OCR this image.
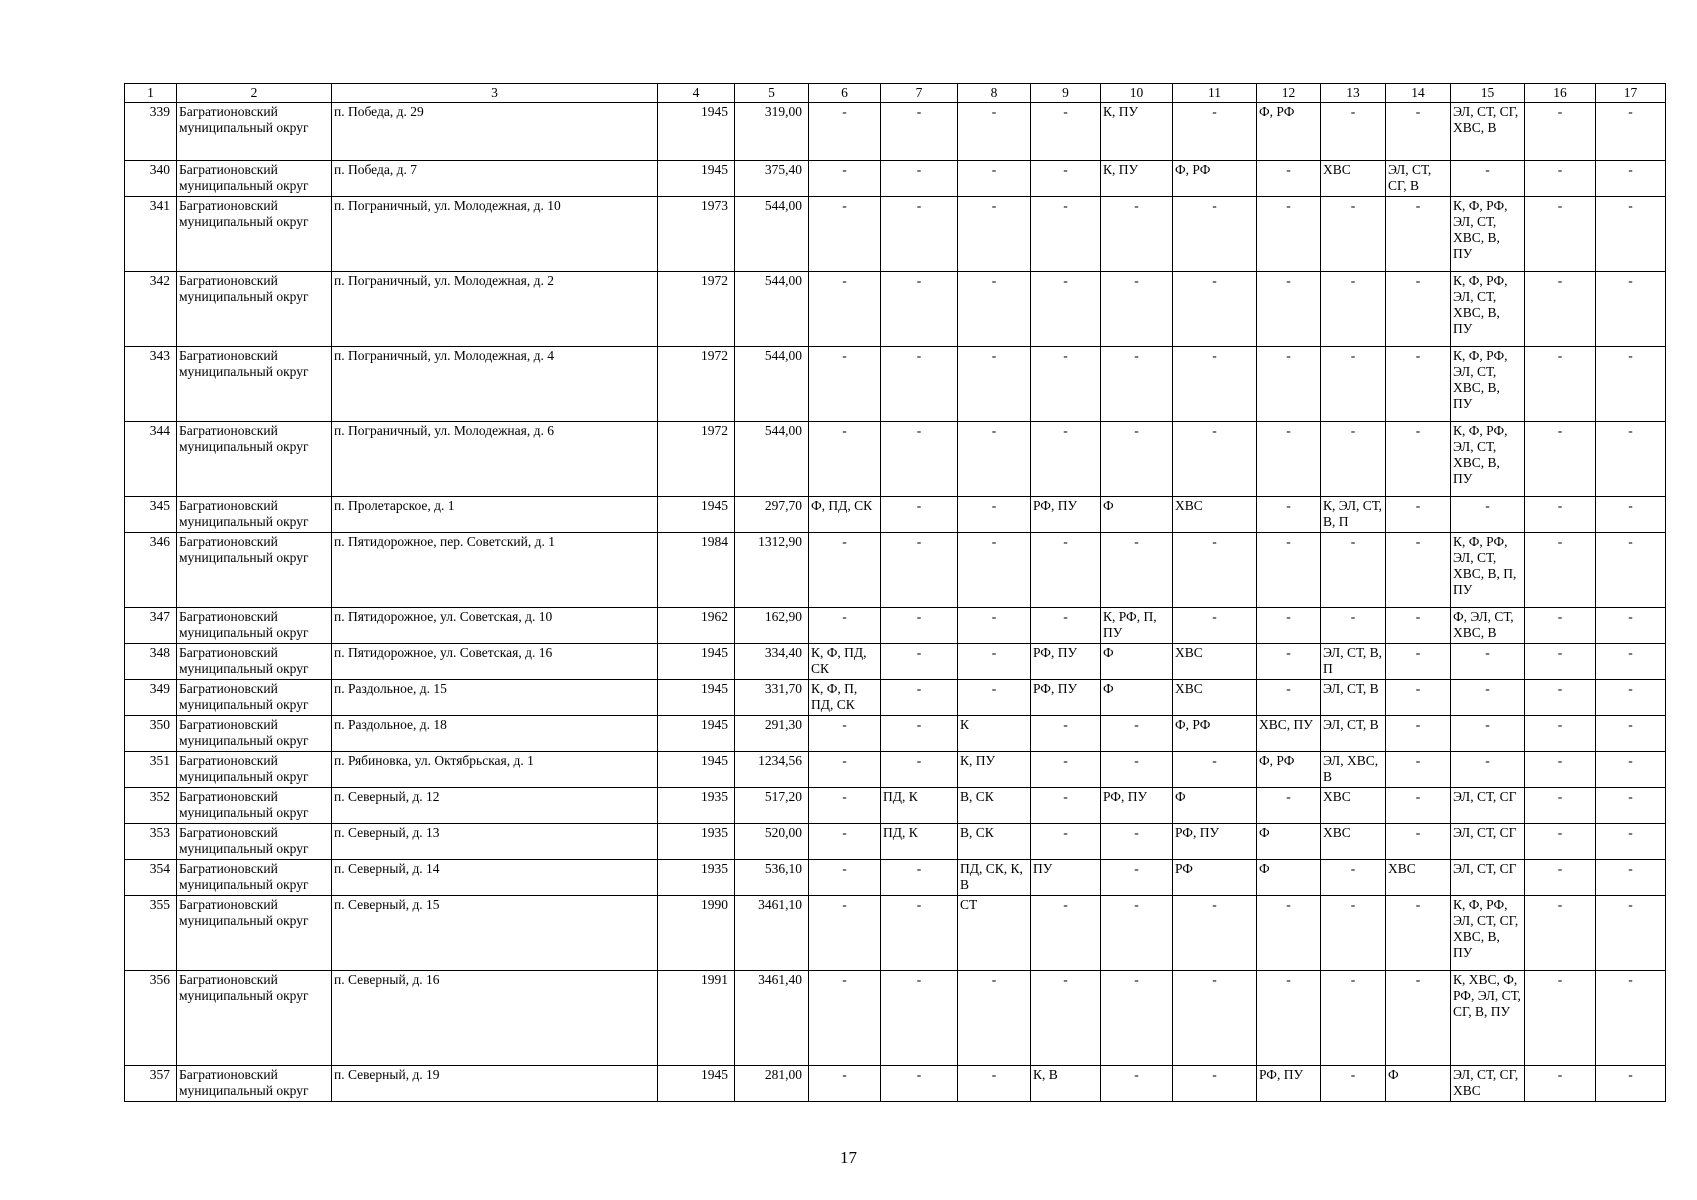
1	2	3	4	5	6	7	8	9	10	11	12	13	14	15	16	17
339	Багратионовский муниципальный округ	п. Победа, д. 29	1945	319,00	-	-	-	-	К, ПУ	-	Ф, РФ	-	-	ЭЛ, СТ, СГ, ХВС, В	-	-
340	Багратионовский муниципальный округ	п. Победа, д. 7	1945	375,40	-	-	-	-	К, ПУ	Ф, РФ	-	ХВС	ЭЛ, СТ, СГ, В	-	-	-
341	Багратионовский муниципальный округ	п. Пограничный, ул. Молодежная, д. 10	1973	544,00	-	-	-	-	-	-	-	-	-	К, Ф, РФ, ЭЛ, СТ, ХВС, В, ПУ	-	-
342	Багратионовский муниципальный округ	п. Пограничный, ул. Молодежная, д. 2	1972	544,00	-	-	-	-	-	-	-	-	-	К, Ф, РФ, ЭЛ, СТ, ХВС, В, ПУ	-	-
343	Багратионовский муниципальный округ	п. Пограничный, ул. Молодежная, д. 4	1972	544,00	-	-	-	-	-	-	-	-	-	К, Ф, РФ, ЭЛ, СТ, ХВС, В, ПУ	-	-
344	Багратионовский муниципальный округ	п. Пограничный, ул. Молодежная, д. 6	1972	544,00	-	-	-	-	-	-	-	-	-	К, Ф, РФ, ЭЛ, СТ, ХВС, В, ПУ	-	-
345	Багратионовский муниципальный округ	п. Пролетарское, д. 1	1945	297,70	Ф, ПД, СК	-	-	РФ, ПУ	Ф	ХВС	-	К, ЭЛ, СТ, В, П	-	-	-	-
346	Багратионовский муниципальный округ	п. Пятидорожное, пер. Советский, д. 1	1984	1312,90	-	-	-	-	-	-	-	-	-	К, Ф, РФ, ЭЛ, СТ, ХВС, В, П, ПУ	-	-
347	Багратионовский муниципальный округ	п. Пятидорожное, ул. Советская, д. 10	1962	162,90	-	-	-	-	К, РФ, П, ПУ	-	-	-	-	Ф, ЭЛ, СТ, ХВС, В	-	-
348	Багратионовский муниципальный округ	п. Пятидорожное, ул. Советская, д. 16	1945	334,40	К, Ф, ПД, СК	-	-	РФ, ПУ	Ф	ХВС	-	ЭЛ, СТ, В, П	-	-	-	-
349	Багратионовский муниципальный округ	п. Раздольное, д. 15	1945	331,70	К, Ф, П, ПД, СК	-	-	РФ, ПУ	Ф	ХВС	-	ЭЛ, СТ, В	-	-	-	-
350	Багратионовский муниципальный округ	п. Раздольное, д. 18	1945	291,30	-	-	К	-	-	Ф, РФ	ХВС, ПУ	ЭЛ, СТ, В	-	-	-	-
351	Багратионовский муниципальный округ	п. Рябиновка, ул. Октябрьская, д. 1	1945	1234,56	-	-	К, ПУ	-	-	-	Ф, РФ	ЭЛ, ХВС, В	-	-	-	-
352	Багратионовский муниципальный округ	п. Северный, д. 12	1935	517,20	-	ПД, К	В, СК	-	РФ, ПУ	Ф	-	ХВС	-	ЭЛ, СТ, СГ	-	-
353	Багратионовский муниципальный округ	п. Северный, д. 13	1935	520,00	-	ПД, К	В, СК	-	-	РФ, ПУ	Ф	ХВС	-	ЭЛ, СТ, СГ	-	-
354	Багратионовский муниципальный округ	п. Северный, д. 14	1935	536,10	-	-	ПД, СК, К, В	ПУ	-	РФ	Ф	-	ХВС	ЭЛ, СТ, СГ	-	-
355	Багратионовский муниципальный округ	п. Северный, д. 15	1990	3461,10	-	-	СТ	-	-	-	-	-	-	К, Ф, РФ, ЭЛ, СТ, СГ, ХВС, В, ПУ	-	-
356	Багратионовский муниципальный округ	п. Северный, д. 16	1991	3461,40	-	-	-	-	-	-	-	-	-	К, ХВС, Ф, РФ, ЭЛ, СТ, СГ, В, ПУ	-	-
357	Багратионовский муниципальный округ	п. Северный, д. 19	1945	281,00	-	-	-	К, В	-	-	РФ, ПУ	-	Ф	ЭЛ, СТ, СГ, ХВС	-	-
17
